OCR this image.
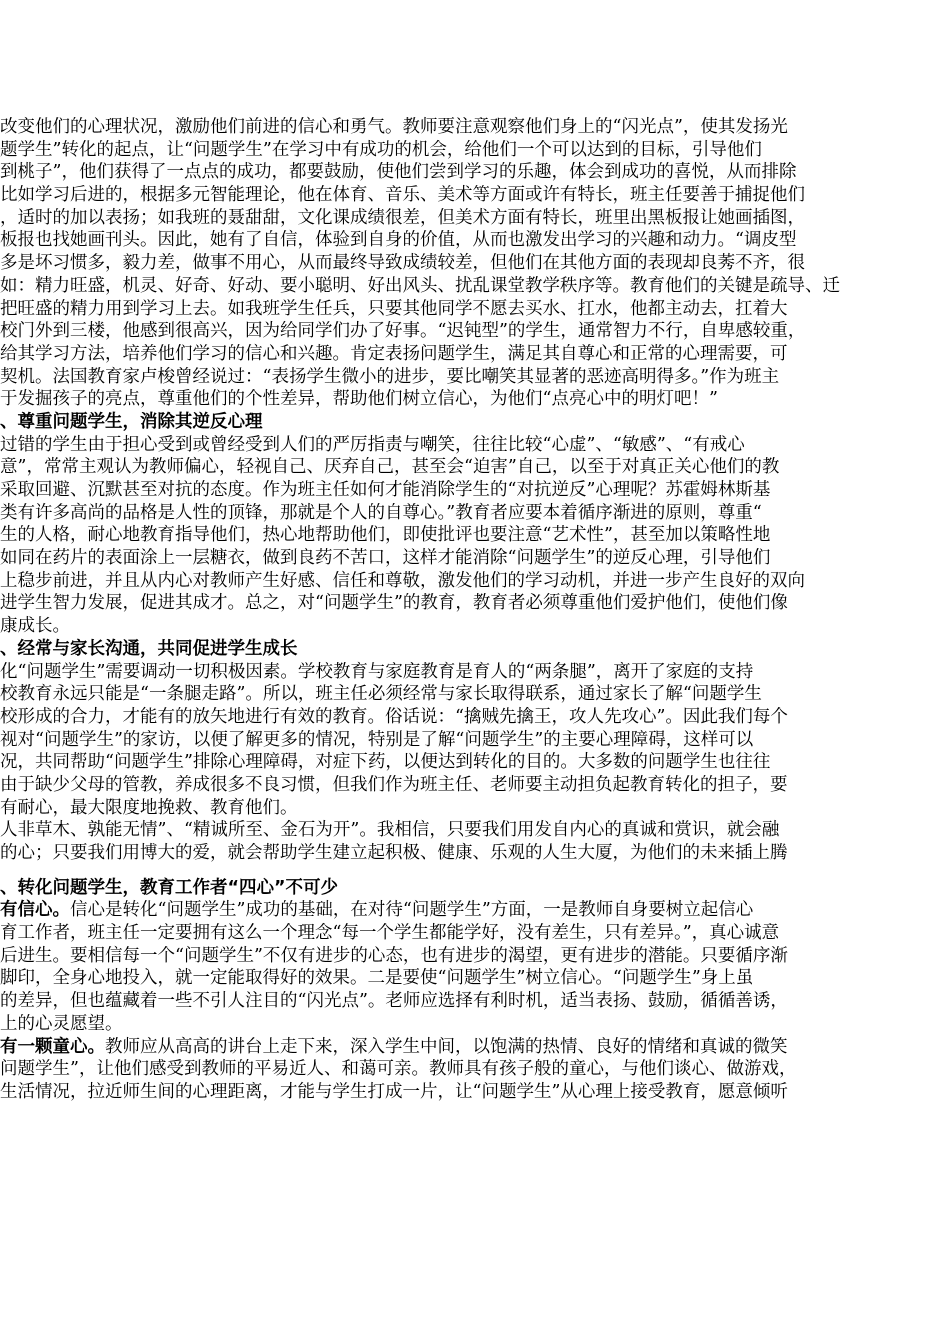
改变他们的心理状况，激励他们前进的信心和勇气。教师要注意观察他们身上的“闪光点”，使其发扬光
题学生”转化的起点，让“问题学生”在学习中有成功的机会，给他们一个可以达到的目标，引导他们
到桃子”，他们获得了一点点的成功，都要鼓励，使他们尝到学习的乐趣，体会到成功的喜悦，从而排除
比如学习后进的，根据多元智能理论，他在体育、音乐、美术等方面或许有特长，班主任要善于捕捉他们
，适时的加以表扬；如我班的聂甜甜，文化课成绩很差，但美术方面有特长，班里出黑板报让她画插图，
板报也找她画刊头。因此，她有了自信，体验到自身的价值，从而也激发出学习的兴趣和动力。“调皮型
多是坏习惯多，毅力差，做事不用心，从而最终导致成绩较差，但他们在其他方面的表现却良莠不齐，很
如：精力旺盛，机灵、好奇、好动、要小聪明、好出风头、扰乱课堂教学秩序等。教育他们的关键是疏导、迁
把旺盛的精力用到学习上去。如我班学生任兵，只要其他同学不愿去买水、扛水，他都主动去，扛着大
校门外到三楼，他感到很高兴，因为给同学们办了好事。“迟钝型”的学生，通常智力不行，自卑感较重，
给其学习方法，培养他们学习的信心和兴趣。肯定表扬问题学生，满足其自尊心和正常的心理需要，可
契机。法国教育家卢梭曾经说过：“表扬学生微小的进步，要比嘲笑其显著的恶迹高明得多。”作为班主
于发掘孩子的亮点，尊重他们的个性差异，帮助他们树立信心，为他们“点亮心中的明灯吧！”
、尊重问题学生，消除其逆反心理
过错的学生由于担心受到或曾经受到人们的严厉指责与嘲笑，往往比较“心虚”、“敏感”、“有戒心
意”，常常主观认为教师偏心，轻视自己、厌弃自己，甚至会“迫害”自己，以至于对真正关心他们的教
采取回避、沉默甚至对抗的态度。作为班主任如何才能消除学生的“对抗逆反”心理呢？苏霍姆林斯基
类有许多高尚的品格是人性的顶锋，那就是个人的自尊心。”教育者应要本着循序渐进的原则，尊重“
生的人格，耐心地教育指导他们，热心地帮助他们，即使批评也要注意“艺术性”，甚至加以策略性地
如同在药片的表面涂上一层糖衣，做到良药不苦口，这样才能消除“问题学生”的逆反心理，引导他们
上稳步前进，并且从内心对教师产生好感、信任和尊敬，激发他们的学习动机，并进一步产生良好的双向
进学生智力发展，促进其成才。总之，对“问题学生”的教育，教育者必须尊重他们爱护他们，使他们像
康成长。
、经常与家长沟通，共同促进学生成长
化“问题学生”需要调动一切积极因素。学校教育与家庭教育是育人的“两条腿”，离开了家庭的支持
校教育永远只能是“一条腿走路”。所以，班主任必须经常与家长取得联系，通过家长了解“问题学生
校形成的合力，才能有的放矢地进行有效的教育。俗话说：“擒贼先擒王，攻人先攻心”。因此我们每个
视对“问题学生”的家访，以便了解更多的情况，特别是了解“问题学生”的主要心理障碍，这样可以
况，共同帮助“问题学生”排除心理障碍，对症下药，以便达到转化的目的。大多数的问题学生也往往
由于缺少父母的管教，养成很多不良习惯，但我们作为班主任、老师要主动担负起教育转化的担子，要
有耐心，最大限度地挽救、教育他们。
人非草木、孰能无情”、“精诚所至、金石为开”。我相信，只要我们用发自内心的真诚和赏识，就会融
的心；只要我们用博大的爱，就会帮助学生建立起积极、健康、乐观的人生大厦，为他们的未来插上腾
、转化问题学生，教育工作者“四心”不可少
有信心。信心是转化“问题学生”成功的基础，在对待“问题学生”方面，一是教师自身要树立起信心
育工作者，班主任一定要拥有这么一个理念“每一个学生都能学好，没有差生，只有差异。”，真心诚意
后进生。要相信每一个“问题学生”不仅有进步的心态，也有进步的渴望，更有进步的潜能。只要循序渐
脚印，全身心地投入，就一定能取得好的效果。二是要使“问题学生”树立信心。“问题学生”身上虽
的差异，但也蕴藏着一些不引人注目的“闪光点”。老师应选择有利时机，适当表扬、鼓励，循循善诱，
上的心灵愿望。
有一颗童心。教师应从高高的讲台上走下来，深入学生中间，以饱满的热情、良好的情绪和真诚的微笑
问题学生”，让他们感受到教师的平易近人、和蔼可亲。教师具有孩子般的童心，与他们谈心、做游戏，
生活情况，拉近师生间的心理距离，才能与学生打成一片，让“问题学生”从心理上接受教育，愿意倾听
